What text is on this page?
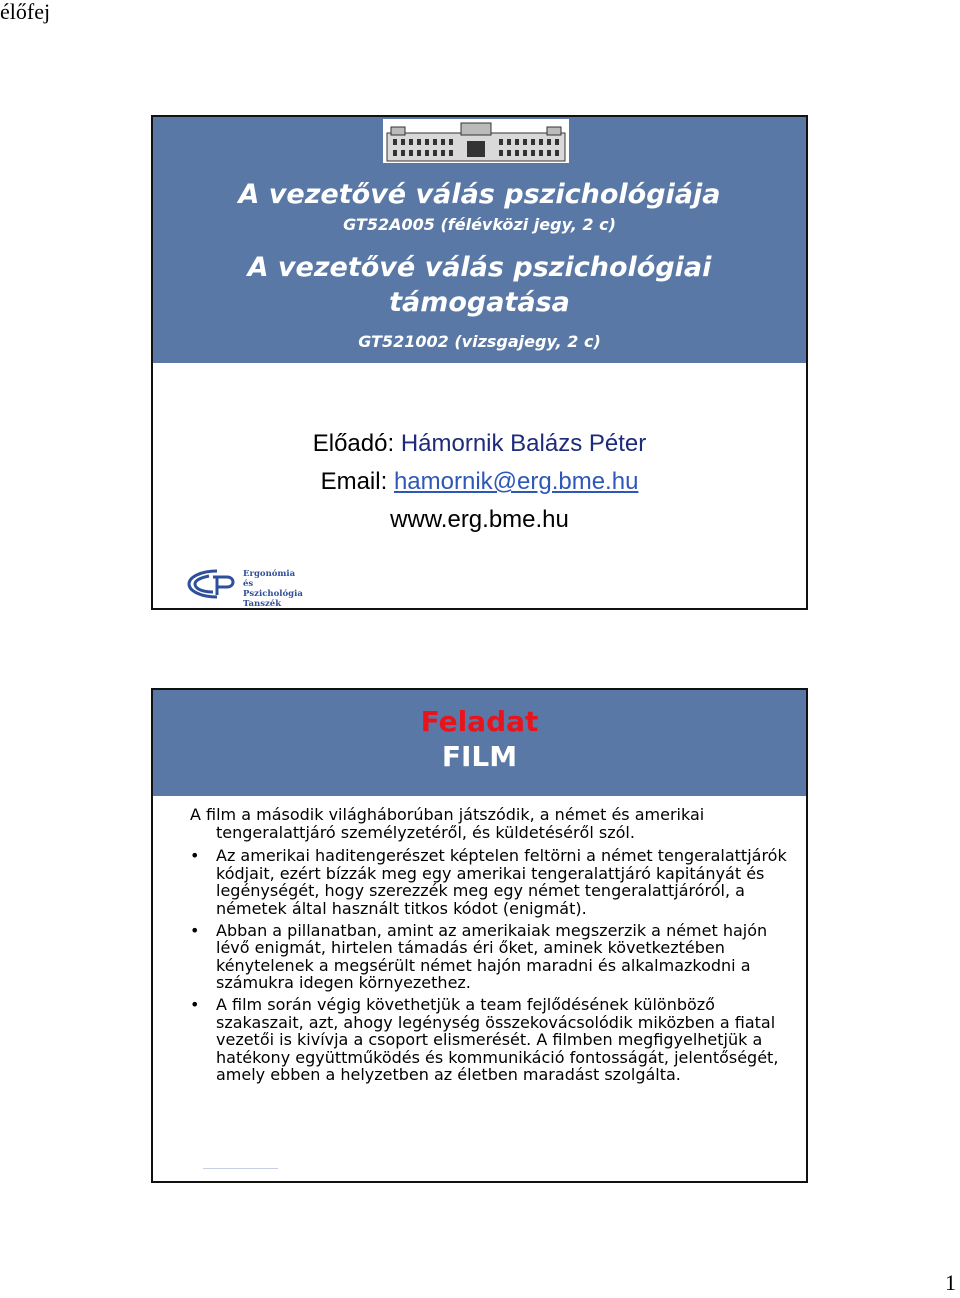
élőfej
A vezetővé válás pszichológiája
GT52A005 (félévközi jegy, 2 c)
A vezetővé válás pszichológiai
támogatása
GT521002 (vizsgajegy, 2 c)
Előadó: Hámornik Balázs Péter
Email: hamornik@erg.bme.hu
www.erg.bme.hu
Ergonómia és
Pszichológia
Tanszék
Feladat
FILM

A film a második világháborúban játszódik, a német és amerikai tengeralattjáró személyzetéről, és küldetéséről szól.

• Az amerikai haditengerészet képtelen feltörni a német tengeralattjárók kódjait, ezért bízzák meg egy amerikai tengeralattjáró kapitányát és legénységét, hogy szerezzék meg egy német tengeralattjáróról, a németek által használt titkos kódot (enigmát).
• Abban a pillanatban, amint az amerikaiak megszerzik a német hajón lévő enigmát, hirtelen támadás éri őket, aminek következtében kénytelenek a megsérült német hajón maradni és alkalmazkodni a számukra idegen környezethez.
• A film során végig követhetjük a team fejlődésének különböző szakaszait, azt, ahogy legénység összekovácsolódik miközben a fiatal vezetői is kivívja a csoport elismerését. A filmben megfigyelhetjük a hatékony együttműködés és kommunikáció fontosságát, jelentőségét, amely ebben a helyzetben az életben maradást szolgálta.
1
